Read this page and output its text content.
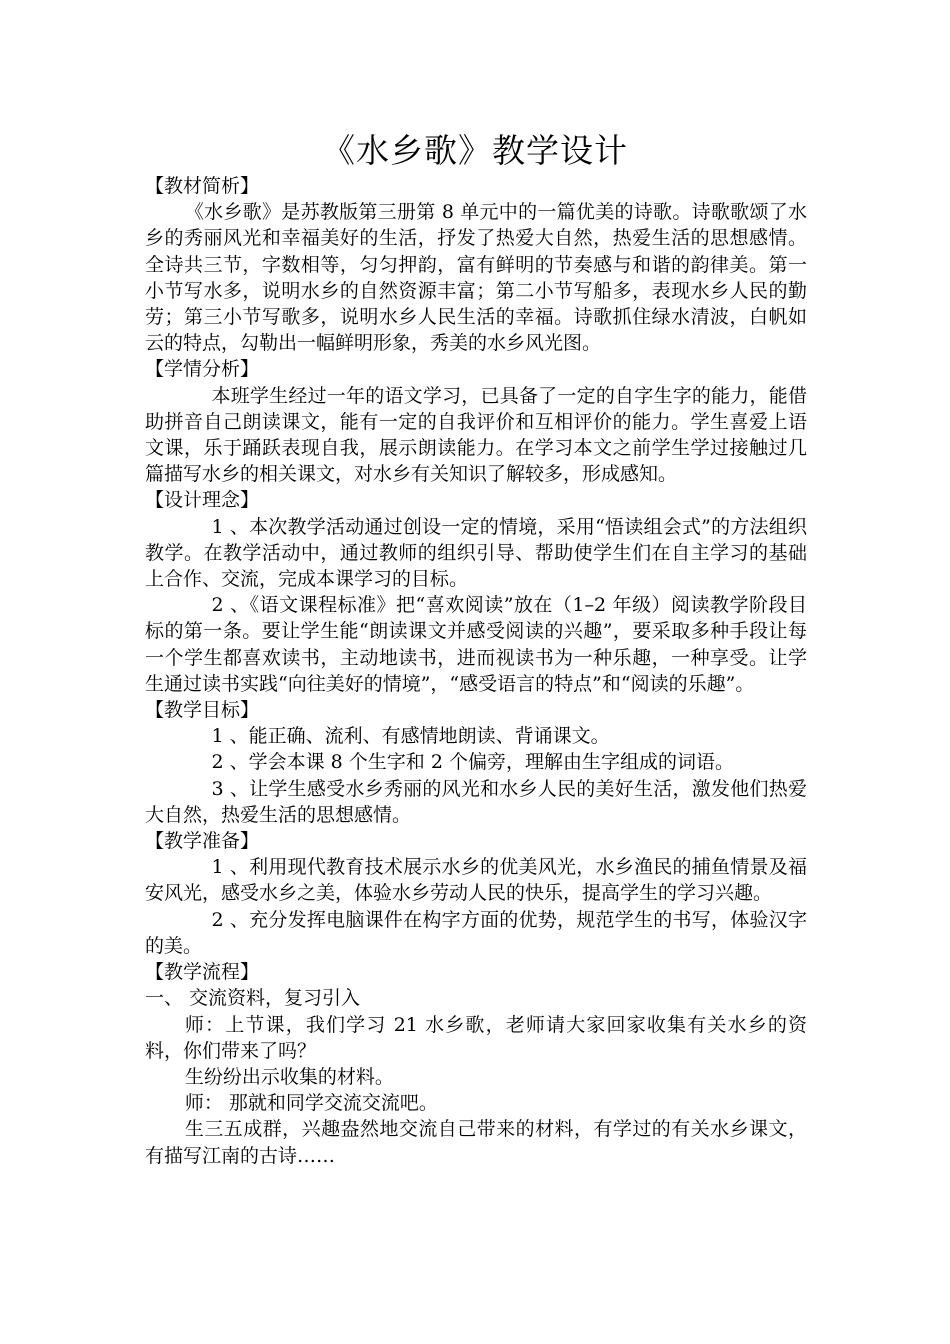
《水乡歌》教学设计

【教材简析】

《水乡歌》是苏教版第三册第 8 单元中的一篇优美的诗歌。诗歌歌颂了水乡的秀丽风光和幸福美好的生活，抒发了热爱大自然，热爱生活的思想感情。全诗共三节，字数相等，匀匀押韵，富有鲜明的节奏感与和谐的韵律美。第一小节写水多，说明水乡的自然资源丰富；第二小节写船多，表现水乡人民的勤劳；第三小节写歌多，说明水乡人民生活的幸福。诗歌抓住绿水清波，白帆如云的特点，勾勒出一幅鲜明形象，秀美的水乡风光图。

【学情分析】

本班学生经过一年的语文学习，已具备了一定的自字生字的能力，能借助拼音自己朗读课文，能有一定的自我评价和互相评价的能力。学生喜爱上语文课，乐于踊跃表现自我，展示朗读能力。在学习本文之前学生学过接触过几篇描写水乡的相关课文，对水乡有关知识了解较多，形成感知。

【设计理念】

1 、本次教学活动通过创设一定的情境，采用“悟读组会式”的方法组织教学。在教学活动中，通过教师的组织引导、帮助使学生们在自主学习的基础上合作、交流，完成本课学习的目标。

2 、《语文课程标准》把“喜欢阅读”放在（1–2 年级）阅读教学阶段目标的第一条。要让学生能“朗读课文并感受阅读的兴趣”，要采取多种手段让每一个学生都喜欢读书，主动地读书，进而视读书为一种乐趣，一种享受。让学生通过读书实践“向往美好的情境”，“感受语言的特点”和“阅读的乐趣”。

【教学目标】

1 、能正确、流利、有感情地朗读、背诵课文。

2 、学会本课 8 个生字和 2 个偏旁，理解由生字组成的词语。

3 、让学生感受水乡秀丽的风光和水乡人民的美好生活，激发他们热爱大自然，热爱生活的思想感情。

【教学准备】

1 、利用现代教育技术展示水乡的优美风光，水乡渔民的捕鱼情景及福安风光，感受水乡之美，体验水乡劳动人民的快乐，提高学生的学习兴趣。

2 、充分发挥电脑课件在构字方面的优势，规范学生的书写，体验汉字的美。

【教学流程】

一、 交流资料，复习引入

师：上节课，我们学习 21 水乡歌，老师请大家回家收集有关水乡的资料，你们带来了吗？

生纷纷出示收集的材料。

师： 那就和同学交流交流吧。

生三五成群，兴趣盎然地交流自己带来的材料，有学过的有关水乡课文，有描写江南的古诗……
